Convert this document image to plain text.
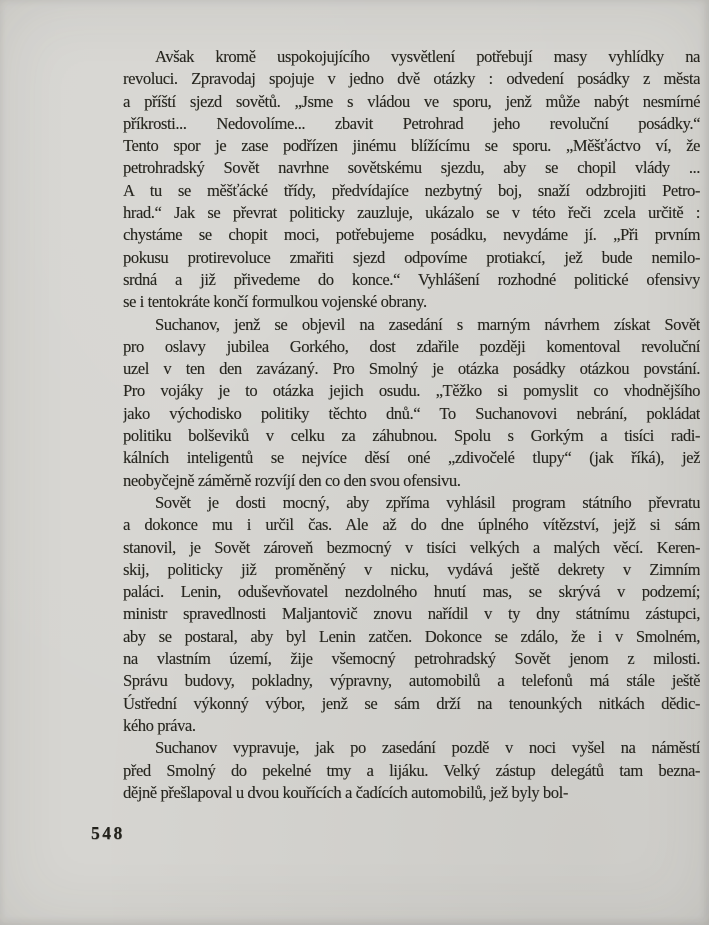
Avšak kromě uspokojujícího vysvětlení potřebují masy vyhlídky na
revoluci. Zpravodaj spojuje v jedno dvě otázky : odvedení posádky z města
a příští sjezd sovětů. „Jsme s vládou ve sporu, jenž může nabýt nesmírné
příkrosti... Nedovolíme... zbavit Petrohrad jeho revoluční posádky.“
Tento spor je zase podřízen jinému blížícímu se sporu. „Měšťáctvo ví, že
petrohradský Sovět navrhne sovětskému sjezdu, aby se chopil vlády ...
A tu se měšťácké třídy, předvídajíce nezbytný boj, snaží odzbrojiti Petro-
hrad.“ Jak se převrat politicky zauzluje, ukázalo se v této řeči zcela určitě :
chystáme se chopit moci, potřebujeme posádku, nevydáme jí. „Při prvním
pokusu protirevoluce zmařiti sjezd odpovíme protiakcí, jež bude nemilo-
srdná a již přivedeme do konce.“ Vyhlášení rozhodné politické ofensivy
se i tentokráte končí formulkou vojenské obrany.
Suchanov, jenž se objevil na zasedání s marným návrhem získat Sovět
pro oslavy jubilea Gorkého, dost zdařile později komentoval revoluční
uzel v ten den zavázaný. Pro Smolný je otázka posádky otázkou povstání.
Pro vojáky je to otázka jejich osudu. „Těžko si pomyslit co vhodnějšího
jako východisko politiky těchto dnů.“ To Suchanovovi nebrání, pokládat
politiku bolševiků v celku za záhubnou. Spolu s Gorkým a tisíci radi-
kálních inteligentů se nejvíce děsí oné „zdivočelé tlupy“ (jak říká), jež
neobyčejně záměrně rozvíjí den co den svou ofensivu.
Sovět je dosti mocný, aby zpříma vyhlásil program státního převratu
a dokonce mu i určil čas. Ale až do dne úplného vítězství, jejž si sám
stanovil, je Sovět zároveň bezmocný v tisíci velkých a malých věcí. Keren-
skij, politicky již proměněný v nicku, vydává ještě dekrety v Zimním
paláci. Lenin, oduševňovatel nezdolného hnutí mas, se skrývá v podzemí;
ministr spravedlnosti Maljantovič znovu nařídil v ty dny státnímu zástupci,
aby se postaral, aby byl Lenin zatčen. Dokonce se zdálo, že i v Smolném,
na vlastním území, žije všemocný petrohradský Sovět jenom z milosti.
Správu budovy, pokladny, výpravny, automobilů a telefonů má stále ještě
Ústřední výkonný výbor, jenž se sám drží na tenounkých nitkách dědic-
kého práva.
Suchanov vypravuje, jak po zasedání pozdě v noci vyšel na náměstí
před Smolný do pekelné tmy a lijáku. Velký zástup delegátů tam bezna-
dějně přešlapoval u dvou kouřících a čadících automobilů, jež byly bol-
548
